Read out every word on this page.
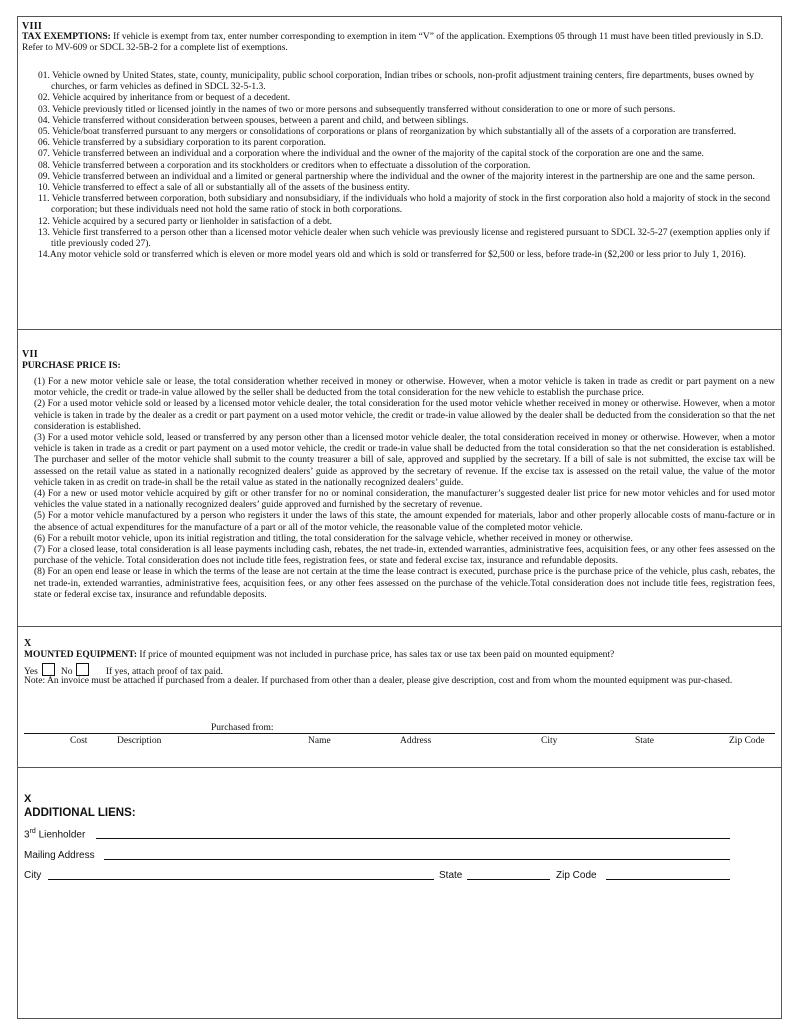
VIII
TAX EXEMPTIONS: If vehicle is exempt from tax, enter number corresponding to exemption in item “V” of the application. Exemptions 05 through 11 must have been titled previously in S.D. Refer to MV-609 or SDCL 32-5B-2 for a complete list of exemptions.
01. Vehicle owned by United States, state, county, municipality, public school corporation, Indian tribes or schools, non-profit adjustment training centers, fire departments, buses owned by churches, or farm vehicles as defined in SDCL 32-5-1.3.
02. Vehicle acquired by inheritance from or bequest of a decedent.
03. Vehicle previously titled or licensed jointly in the names of two or more persons and subsequently transferred without consideration to one or more of such persons.
04. Vehicle transferred without consideration between spouses, between a parent and child, and between siblings.
05. Vehicle/boat transferred pursuant to any mergers or consolidations of corporations or plans of reorganization by which substantially all of the assets of a corporation are transferred.
06. Vehicle transferred by a subsidiary corporation to its parent corporation.
07. Vehicle transferred between an individual and a corporation where the individual and the owner of the majority of the capital stock of the corporation are one and the same.
08. Vehicle transferred between a corporation and its stockholders or creditors when to effectuate a dissolution of the corporation.
09. Vehicle transferred between an individual and a limited or general partnership where the individual and the owner of the majority interest in the partnership are one and the same person.
10. Vehicle transferred to effect a sale of all or substantially all of the assets of the business entity.
11. Vehicle transferred between corporation, both subsidiary and nonsubsidiary, if the individuals who hold a majority of stock in the first corporation also hold a majority of stock in the second corporation; but these individuals need not hold the same ratio of stock in both corporations.
12. Vehicle acquired by a secured party or lienholder in satisfaction of a debt.
13. Vehicle first transferred to a person other than a licensed motor vehicle dealer when such vehicle was previously license and registered pursuant to SDCL 32-5-27 (exemption applies only if title previously coded 27).
14.Any motor vehicle sold or transferred which is eleven or more model years old and which is sold or transferred for $2,500 or less, before trade-in ($2,200 or less prior to July 1, 2016).
VII
PURCHASE PRICE IS:

(1) For a new motor vehicle sale or lease, the total consideration whether received in money or otherwise. However, when a motor vehicle is taken in trade as credit or part payment on a new motor vehicle, the credit or trade-in value allowed by the seller shall be deducted from the total consideration for the new vehicle to establish the purchase price.

(2) For a used motor vehicle sold or leased by a licensed motor vehicle dealer, the total consideration for the used motor vehicle whether received in money or otherwise. However, when a motor vehicle is taken in trade by the dealer as a credit or part payment on a used motor vehicle, the credit or trade-in value allowed by the dealer shall be deducted from the consideration so that the net consideration is established.

(3) For a used motor vehicle sold, leased or transferred by any person other than a licensed motor vehicle dealer, the total consideration received in money or otherwise. However, when a motor vehicle is taken in trade as a credit or part payment on a used motor vehicle, the credit or trade-in value shall be deducted from the total consideration so that the net consideration is established. The purchaser and seller of the motor vehicle shall submit to the county treasurer a bill of sale, approved and supplied by the secretary. If a bill of sale is not submitted, the excise tax will be assessed on the retail value as stated in a nationally recognized dealers’ guide as approved by the secretary of revenue. If the excise tax is assessed on the retail value, the value of the motor vehicle taken in as credit on trade-in shall be the retail value as stated in the nationally recognized dealers’ guide.

(4) For a new or used motor vehicle acquired by gift or other transfer for no or nominal consideration, the manufacturer’s suggested dealer list price for new motor vehicles and for used motor vehicles the value stated in a nationally recognized dealers’ guide approved and furnished by the secretary of revenue.

(5) For a motor vehicle manufactured by a person who registers it under the laws of this state, the amount expended for materials, labor and other properly allocable costs of manu-facture or in the absence of actual expenditures for the manufacture of a part or all of the motor vehicle, the reasonable value of the completed motor vehicle.

(6) For a rebuilt motor vehicle, upon its initial registration and titling, the total consideration for the salvage vehicle, whether received in money or otherwise.

(7) For a closed lease, total consideration is all lease payments including cash, rebates, the net trade-in, extended warranties, administrative fees, acquisition fees, or any other fees assessed on the purchase of the vehicle. Total consideration does not include title fees, registration fees, or state and federal excise tax, insurance and refundable deposits.

(8) For an open end lease or lease in which the terms of the lease are not certain at the time the lease contract is executed, purchase price is the purchase price of the vehicle, plus cash, rebates, the net trade-in, extended warranties, administrative fees, acquisition fees, or any other fees assessed on the purchase of the vehicle.Total consideration does not include title fees, registration fees, state or federal excise tax, insurance and refundable deposits.

X
MOUNTED EQUIPMENT: If price of mounted equipment was not included in purchase price, has sales tax or use tax been paid on mounted equipment?
Yes No	If yes, attach proof of tax paid.
Note: An invoice must be attached if purchased from a dealer. If purchased from other than a dealer, please give description, cost and from whom the mounted equipment was pur-chased.
Purchased from:
Cost	Description	Name	Address	City	State	Zip Code
X
ADDITIONAL LIENS:
3rd Lienholder
Mailing Address
City	State	Zip Code
